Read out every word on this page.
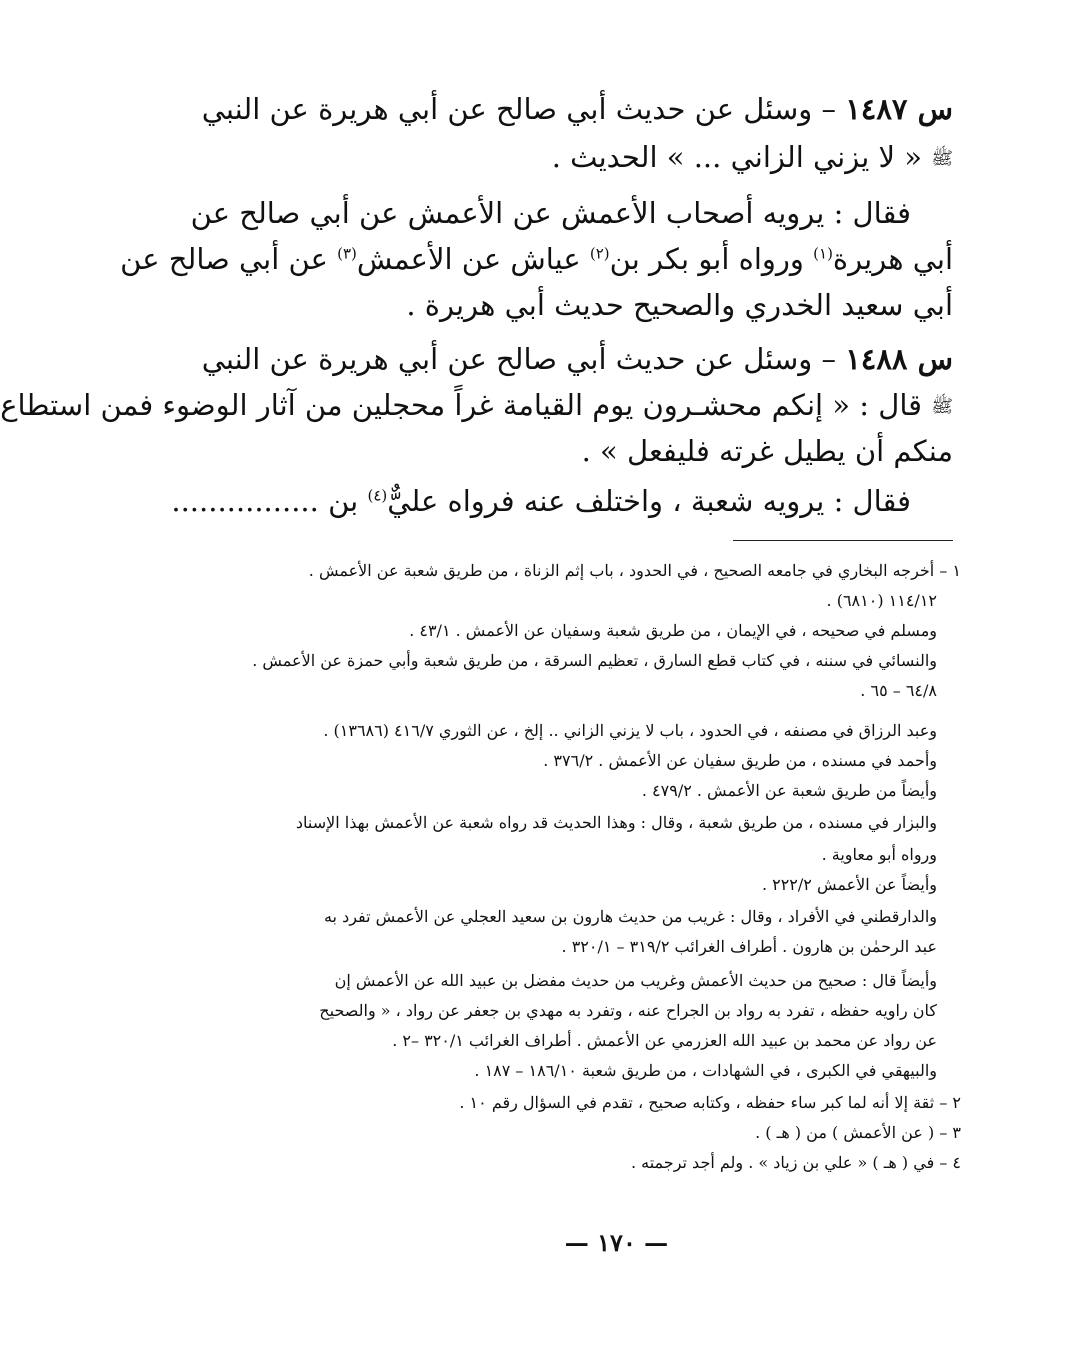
س ١٤٨٧ – وسئل عن حديث أبي صالح عن أبي هريرة عن النبي
ﷺ « لا يزني الزاني ... » الحديث .
فقال : يرويه أصحاب الأعمش عن الأعمش عن أبي صالح عن
أبي هريرة$^{(١)}$ ورواه أبو بكر بن$^{(٢)}$ عياش عن الأعمش$^{(٣)}$ عن أبي صالح عن
أبي سعيد الخدري والصحيح حديث أبي هريرة .
س ١٤٨٨ – وسئل عن حديث أبي صالح عن أبي هريرة عن النبي
ﷺ قال : « إنكم محشـرون يوم القيامة غراً محجلين من آثار الوضوء فمن استطاع
منكم أن يطيل غرته فليفعل » .
فقال : يرويه شعبة ، واختلف عنه فرواه عليٌّ$^{(٤)}$ بن ................
١ – أخرجه البخاري في جامعه الصحيح ، في الحدود ، باب إثم الزناة ، من طريق شعبة عن الأعمش .
١١٤/١٢ (٦٨١٠) .
ومسلم في صحيحه ، في الإيمان ، من طريق شعبة وسفيان عن الأعمش . ٤٣/١ .
والنسائي في سننه ، في كتاب قطع السارق ، تعظيم السرقة ، من طريق شعبة وأبي حمزة عن الأعمش .
٦٤/٨ – ٦٥ .
وعبد الرزاق في مصنفه ، في الحدود ، باب لا يزني الزاني .. إلخ ، عن الثوري ٤١٦/٧ (١٣٦٨٦) .
وأحمد في مسنده ، من طريق سفيان عن الأعمش . ٣٧٦/٢ .
وأيضاً من طريق شعبة عن الأعمش . ٤٧٩/٢ .
والبزار في مسنده ، من طريق شعبة ، وقال : وهذا الحديث قد رواه شعبة عن الأعمش بهذا الإسناد
ورواه أبو معاوية .
وأيضاً عن الأعمش ٢٢٢/٢ .
والدارقطني في الأفراد ، وقال : غريب من حديث هارون بن سعيد العجلي عن الأعمش تفرد به
عبد الرحمٰن بن هارون . أطراف الغرائب ٣١٩/٢ – ٣٢٠/١ .
وأيضاً قال : صحيح من حديث الأعمش وغريب من حديث مفضل بن عبيد الله عن الأعمش إن
كان راويه حفظه ، تفرد به رواد بن الجراح عنه ، وتفرد به مهدي بن جعفر عن رواد ، « والصحيح
عن رواد عن محمد بن عبيد الله العزرمي عن الأعمش . أطراف الغرائب ٣٢٠/١ –٢ .
والبيهقي في الكبرى ، في الشهادات ، من طريق شعبة ١٨٦/١٠ – ١٨٧ .
٢ – ثقة إلا أنه لما كبر ساء حفظه ، وكتابه صحيح ، تقدم في السؤال رقم ١٠ .
٣ – ( عن الأعمش ) من ( هـ ) .
٤ – في ( هـ ) « علي بن زياد » . ولم أجد ترجمته .
— ١٧٠ —
